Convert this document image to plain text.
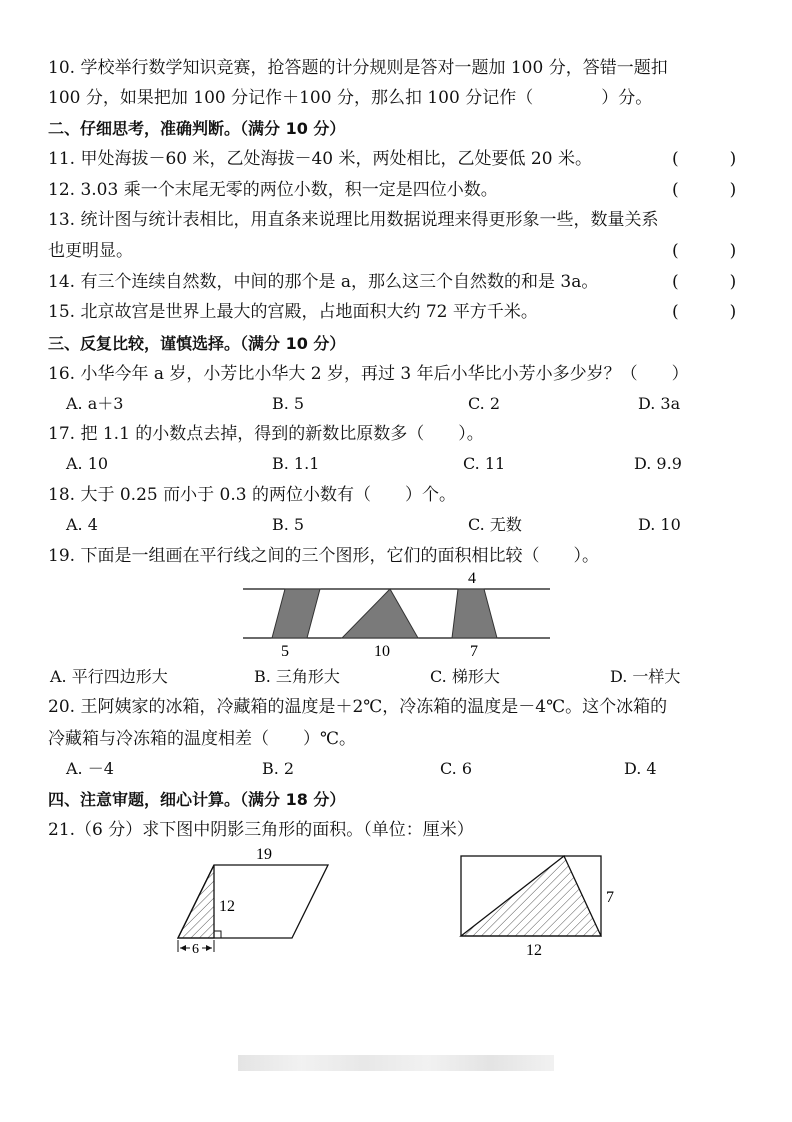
10. 学校举行数学知识竞赛，抢答题的计分规则是答对一题加 100 分，答错一题扣
100 分，如果把加 100 分记作＋100 分，那么扣 100 分记作（　　　　）分。
二、仔细思考，准确判断。（满分 10 分）
11. 甲处海拔－60 米，乙处海拔－40 米，两处相比，乙处要低 20 米。	(　　　)
12. 3.03 乘一个末尾无零的两位小数，积一定是四位小数。	(　　　)
13. 统计图与统计表相比，用直条来说理比用数据说理来得更形象一些，数量关系
也更明显。	(　　　)
14. 有三个连续自然数，中间的那个是 a，那么这三个自然数的和是 3a。	(　　　)
15. 北京故宫是世界上最大的宫殿，占地面积大约 72 平方千米。	(　　　)
三、反复比较，谨慎选择。（满分 10 分）
16. 小华今年 a 岁，小芳比小华大 2 岁，再过 3 年后小华比小芳小多少岁？（　　）
A. a＋3	B. 5	C. 2	D. 3a
17. 把 1.1 的小数点去掉，得到的新数比原数多（　　）。
A. 10	B. 1.1	C. 11	D. 9.9
18. 大于 0.25 而小于 0.3 的两位小数有（　　）个。
A. 4	B. 5	C. 无数	D. 10
19. 下面是一组画在平行线之间的三个图形，它们的面积相比较（　　）。
4
5	10	7
A. 平行四边形大	B. 三角形大	C. 梯形大	D. 一样大
20. 王阿姨家的冰箱，冷藏箱的温度是＋2℃，冷冻箱的温度是－4℃。这个冰箱的
冷藏箱与冷冻箱的温度相差（　　）℃。
A. －4	B. 2	C. 6	D. 4
四、注意审题，细心计算。（满分 18 分）
21.（6 分）求下图中阴影三角形的面积。（单位：厘米）
19
12
6
7
12
